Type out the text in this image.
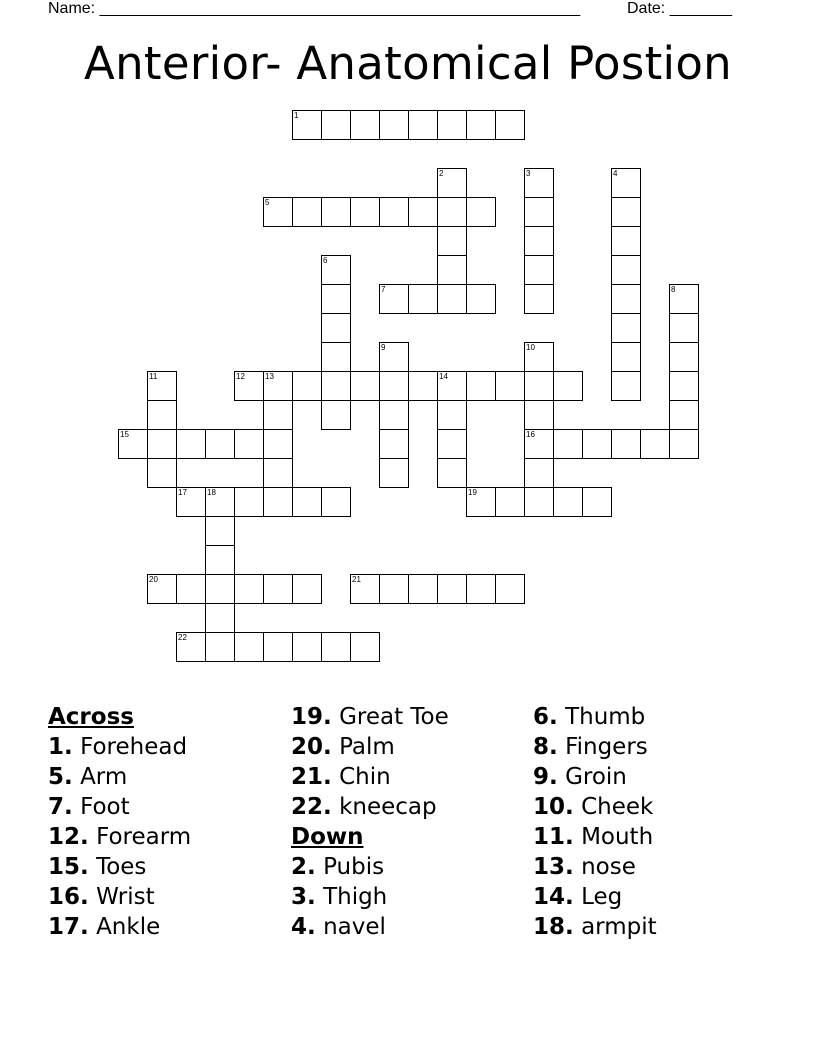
Name: ______________________________________________________	Date: _______
Anterior- Anatomical Postion
1
2	3	4
5
6
7	8
9	10
16
11	12	13	14
15
17	18	19
20	21
22
Across
1. Forehead
5. Arm
7. Foot
12. Forearm
15. Toes
16. Wrist
17. Ankle
19. Great Toe
20. Palm
21. Chin
22. kneecap
Down
2. Pubis
3. Thigh
4. navel
6. Thumb
8. Fingers
9. Groin
10. Cheek
11. Mouth
13. nose
14. Leg
18. armpit
